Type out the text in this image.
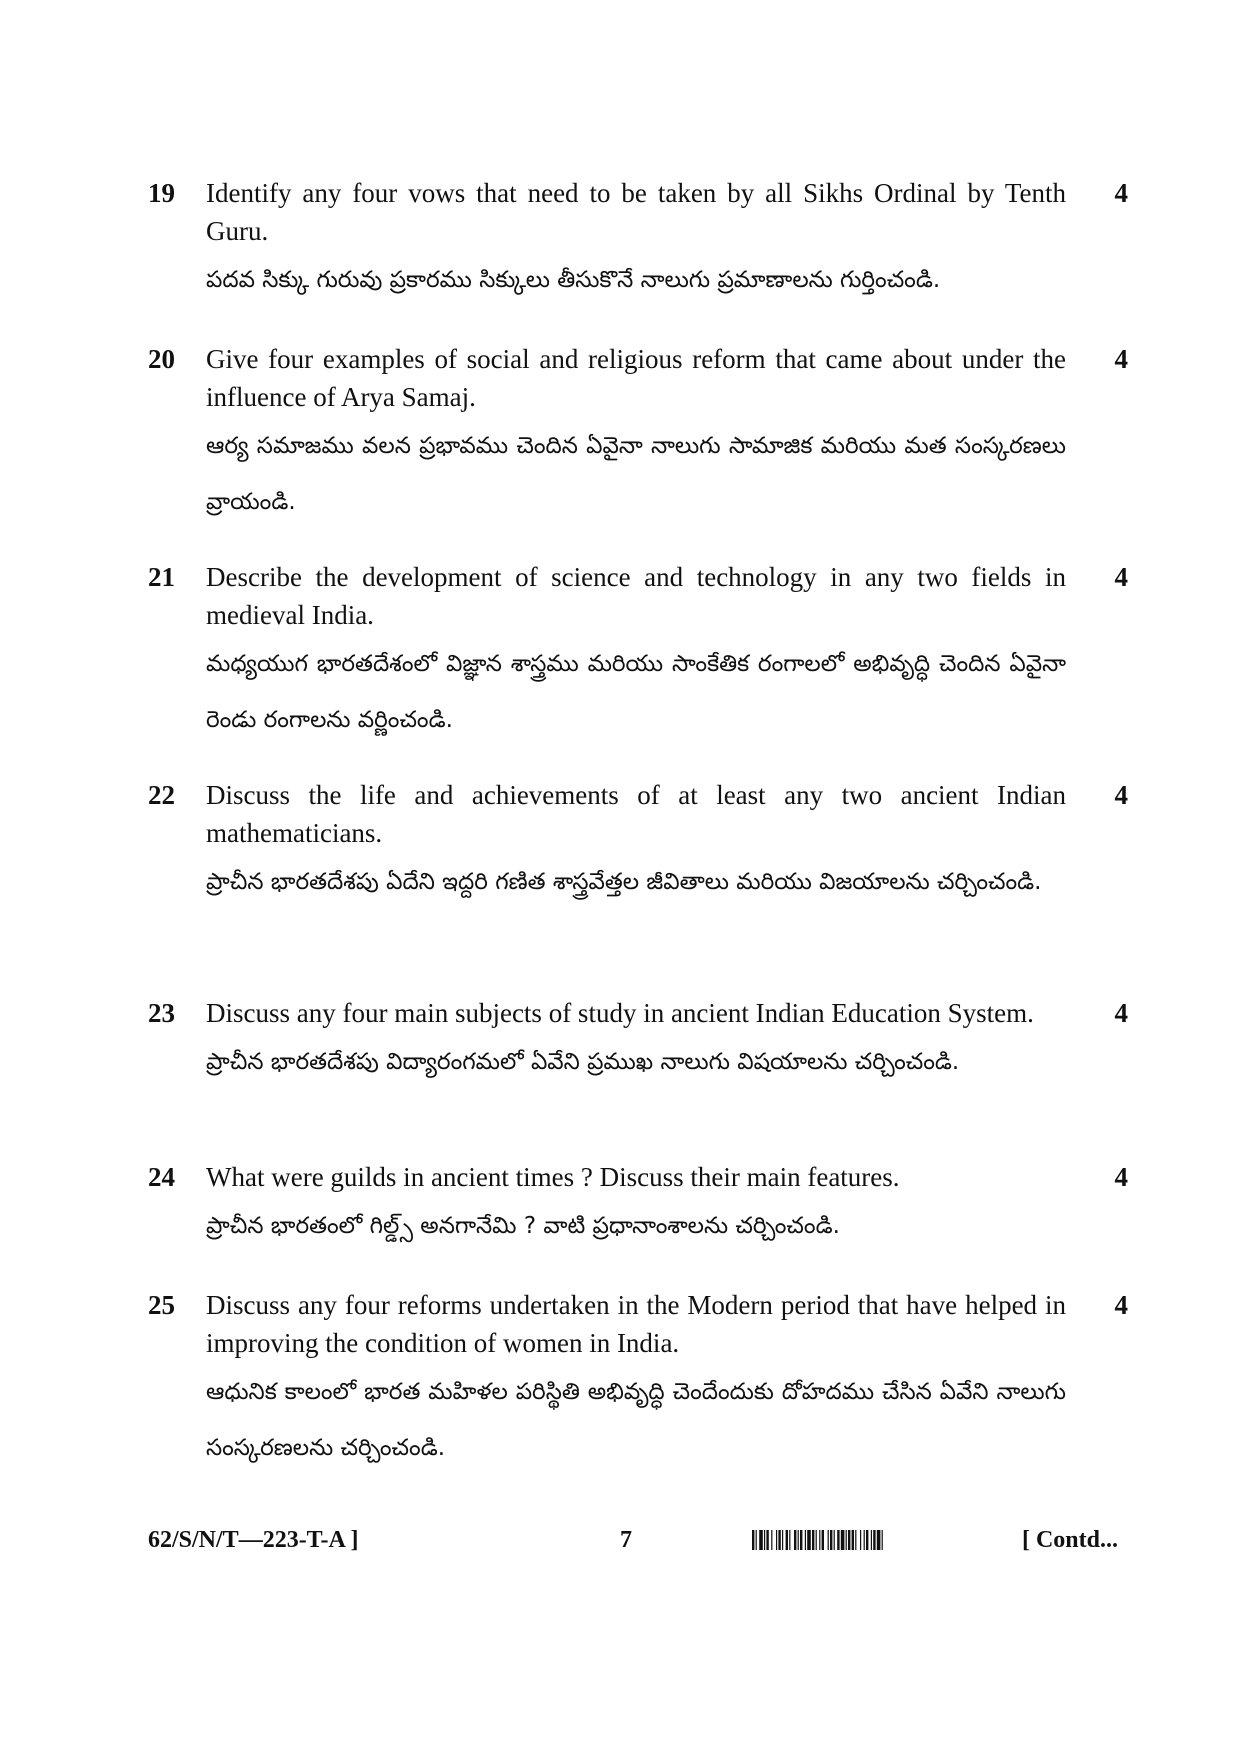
19	Identify any four vows that need to be taken by all Sikhs Ordinal by Tenth Guru.

పదవ సిక్కు గురువు ప్రకారము సిక్కులు తీసుకొనే నాలుగు ప్రమాణాలను గుర్తించండి.

4
20	Give four examples of social and religious reform that came about under the influence of Arya Samaj.

ఆర్య సమాజము వలన ప్రభావము చెందిన ఏవైనా నాలుగు సామాజిక మరియు మత సంస్కరణలు వ్రాయండి.

4
21	Describe the development of science and technology in any two fields in medieval India.

మధ్యయుగ భారతదేశంలో విజ్ఞాన శాస్త్రము మరియు సాంకేతిక రంగాలలో అభివృద్ధి చెందిన ఏవైనా రెండు రంగాలను వర్ణించండి.

4
22	Discuss the life and achievements of at least any two ancient Indian mathematicians.

ప్రాచీన భారతదేశపు ఏదేని ఇద్దరి గణిత శాస్త్రవేత్తల జీవితాలు మరియు విజయాలను చర్చించండి.

4
23	Discuss any four main subjects of study in ancient Indian Education System.

ప్రాచీన భారతదేశపు విద్యారంగమలో ఏవేని ప్రముఖ నాలుగు విషయాలను చర్చించండి.

4
24	What were guilds in ancient times ? Discuss their main features.

ప్రాచీన భారతంలో గిల్డ్స్ అనగానేమి ? వాటి ప్రధానాంశాలను చర్చించండి.

4
25	Discuss any four reforms undertaken in the Modern period that have helped in improving the condition of women in India.

ఆధునిక కాలంలో భారత మహిళల పరిస్థితి అభివృద్ధి చెందేందుకు దోహదము చేసిన ఏవేని నాలుగు సంస్కరణలను చర్చించండి.

4
62/S/N/T—223-T-A ]	7	[ Contd...
